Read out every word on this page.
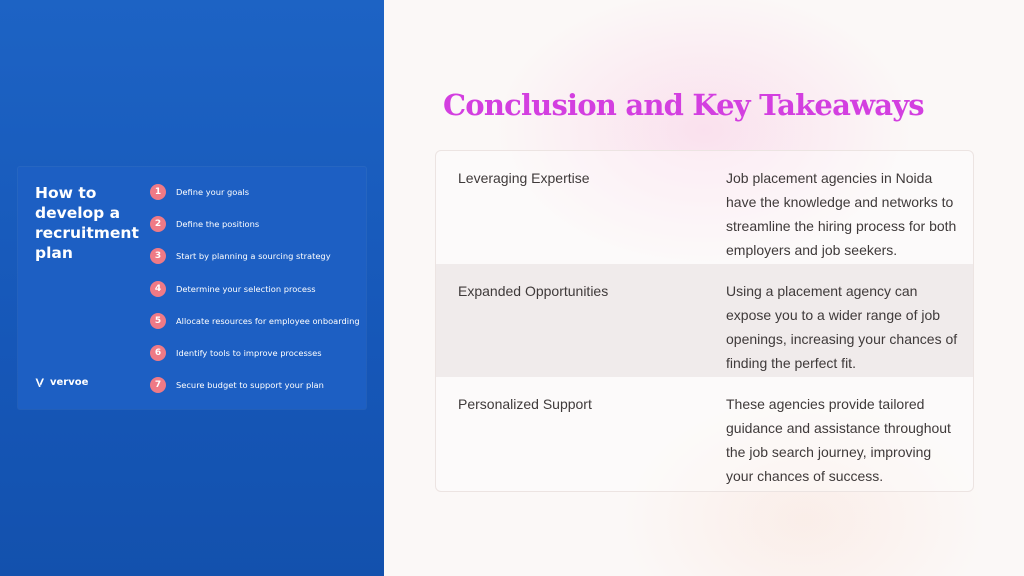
How to develop a recruitment plan
1	Define your goals
2	Define the positions
3	Start by planning a sourcing strategy
4	Determine your selection process
5	Allocate resources for employee onboarding
6	Identify tools to improve processes
7	Secure budget to support your plan
vervoe
Conclusion and Key Takeaways
Leveraging Expertise	Job placement agencies in Noida have the knowledge and networks to streamline the hiring process for both employers and job seekers.
Expanded Opportunities	Using a placement agency can expose you to a wider range of job openings, increasing your chances of finding the perfect fit.
Personalized Support	These agencies provide tailored guidance and assistance throughout the job search journey, improving your chances of success.
